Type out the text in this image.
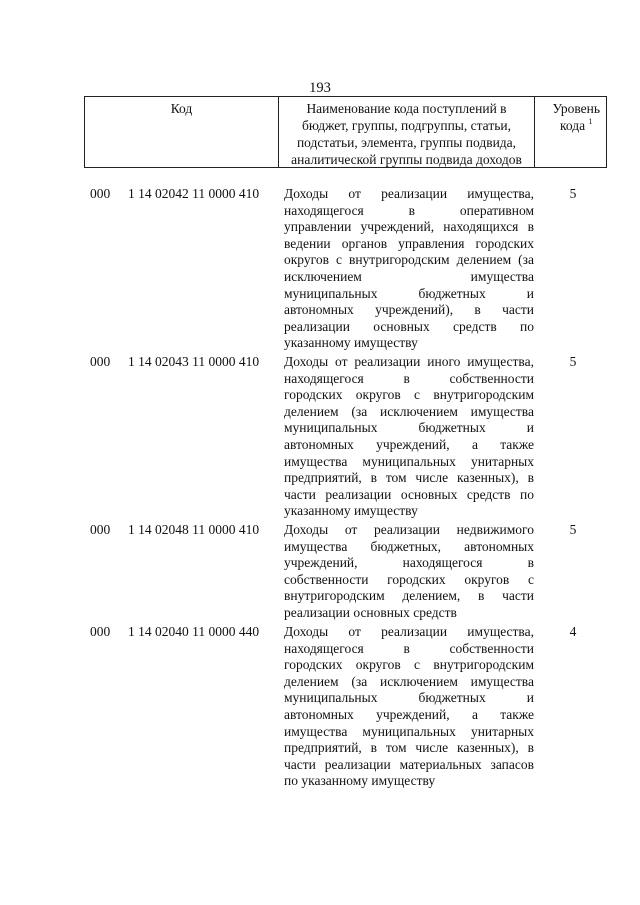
193
Код	Наименование кода поступлений в
бюджет, группы, подгруппы, статьи,
подстатьи, элемента, группы подвида,
аналитической группы подвида доходов
Уровень
кода $^1$
000 1 14 02042 11 0000 410 Доходы от реализации имущества,
находящегося в оперативном
управлении учреждений, находящихся в
ведении органов управления городских
округов с внутригородским делением (за
исключением имущества
муниципальных бюджетных и
автономных учреждений), в части
реализации основных средств по
указанному имуществу
5
000 1 14 02043 11 0000 410 Доходы от реализации иного имущества,
находящегося в собственности
городских округов с внутригородским
делением (за исключением имущества
муниципальных бюджетных и
автономных учреждений, а также
имущества муниципальных унитарных
предприятий, в том числе казенных), в
части реализации основных средств по
указанному имуществу
5
000 1 14 02048 11 0000 410 Доходы от реализации недвижимого
имущества бюджетных, автономных
учреждений, находящегося в
собственности городских округов с
внутригородским делением, в части
реализации основных средств
5
000 1 14 02040 11 0000 440 Доходы от реализации имущества,
находящегося в собственности
городских округов с внутригородским
делением (за исключением имущества
муниципальных бюджетных и
автономных учреждений, а также
имущества муниципальных унитарных
предприятий, в том числе казенных), в
части реализации материальных запасов
по указанному имуществу
4
